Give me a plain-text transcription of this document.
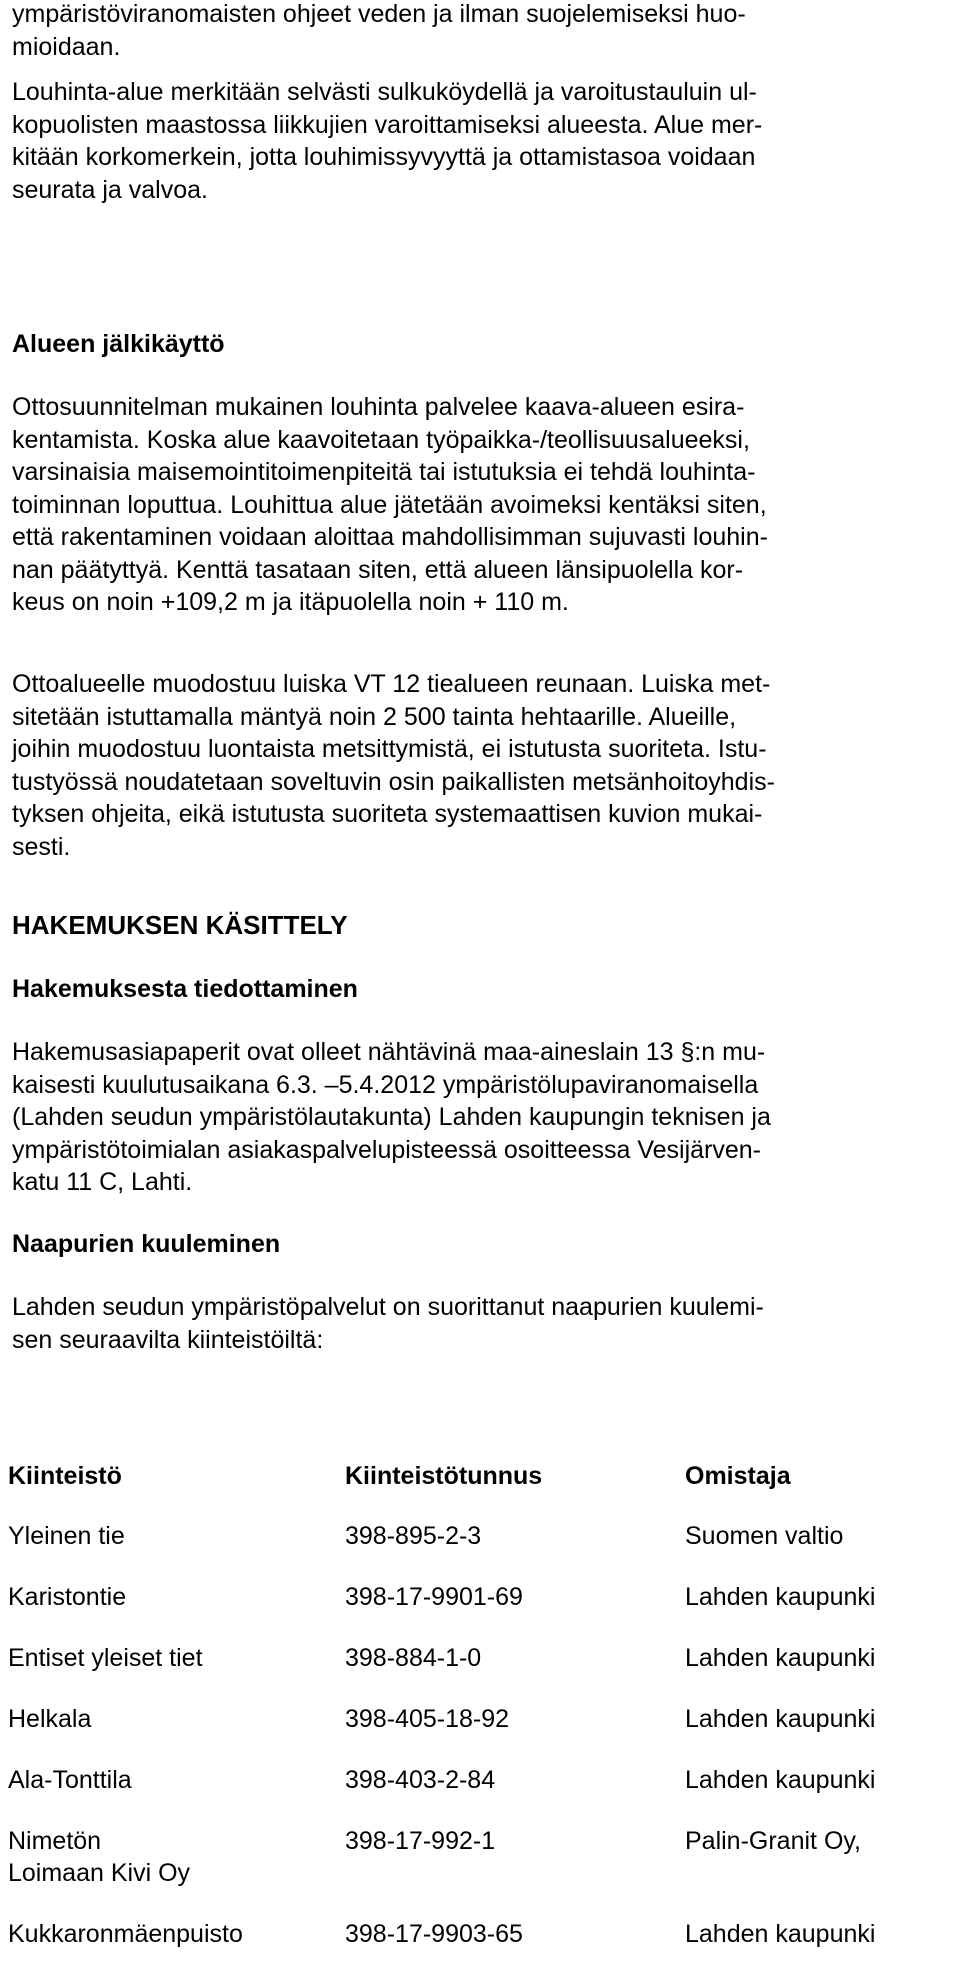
ympäristöviranomaisten ohjeet veden ja ilman suojelemiseksi huo-
mioidaan.

Louhinta-alue merkitään selvästi sulkuköydellä ja varoitustauluin ul-
kopuolisten maastossa liikkujien varoittamiseksi alueesta. Alue mer-
kitään korkomerkein, jotta louhimissyvyyttä ja ottamistasoa voidaan
seurata ja valvoa.

Alueen jälkikäyttö

Ottosuunnitelman mukainen louhinta palvelee kaava-alueen esira-
kentamista. Koska alue kaavoitetaan työpaikka-/teollisuusalueeksi,
varsinaisia maisemointitoimenpiteitä tai istutuksia ei tehdä louhinta-
toiminnan loputtua. Louhittua alue jätetään avoimeksi kentäksi siten,
että rakentaminen voidaan aloittaa mahdollisimman sujuvasti louhin-
nan päätyttyä. Kenttä tasataan siten, että alueen länsipuolella kor-
keus on noin +109,2 m ja itäpuolella noin + 110 m.

Ottoalueelle muodostuu luiska VT 12 tiealueen reunaan. Luiska met-
sitetään istuttamalla mäntyä noin 2 500 tainta hehtaarille. Alueille,
joihin muodostuu luontaista metsittymistä, ei istutusta suoriteta. Istu-
tustyössä noudatetaan soveltuvin osin paikallisten metsänhoitoyhdis-
tyksen ohjeita, eikä istutusta suoriteta systemaattisen kuvion mukai-
sesti.

HAKEMUKSEN KÄSITTELY
Hakemuksesta tiedottaminen

Hakemusasiapaperit ovat olleet nähtävinä maa-aineslain 13 §:n mu-
kaisesti kuulutusaikana 6.3. –5.4.2012 ympäristölupaviranomaisella
(Lahden seudun ympäristölautakunta) Lahden kaupungin teknisen ja
ympäristötoimialan asiakaspalvelupisteessä osoitteessa Vesijärven-
katu 11 C, Lahti.

Naapurien kuuleminen

Lahden seudun ympäristöpalvelut on suorittanut naapurien kuulemi-
sen seuraavilta kiinteistöiltä:

Kiinteistö	Kiinteistötunnus	Omistaja
Yleinen tie	398-895-2-3	Suomen valtio
Karistontie	398-17-9901-69	Lahden kaupunki
Entiset yleiset tiet	398-884-1-0	Lahden kaupunki
Helkala	398-405-18-92	Lahden kaupunki
Ala-Tonttila	398-403-2-84	Lahden kaupunki

Nimetön
Loimaan Kivi Oy	398-17-992-1	Palin-Granit Oy,
Kukkaronmäenpuisto	398-17-9903-65	Lahden kaupunki
